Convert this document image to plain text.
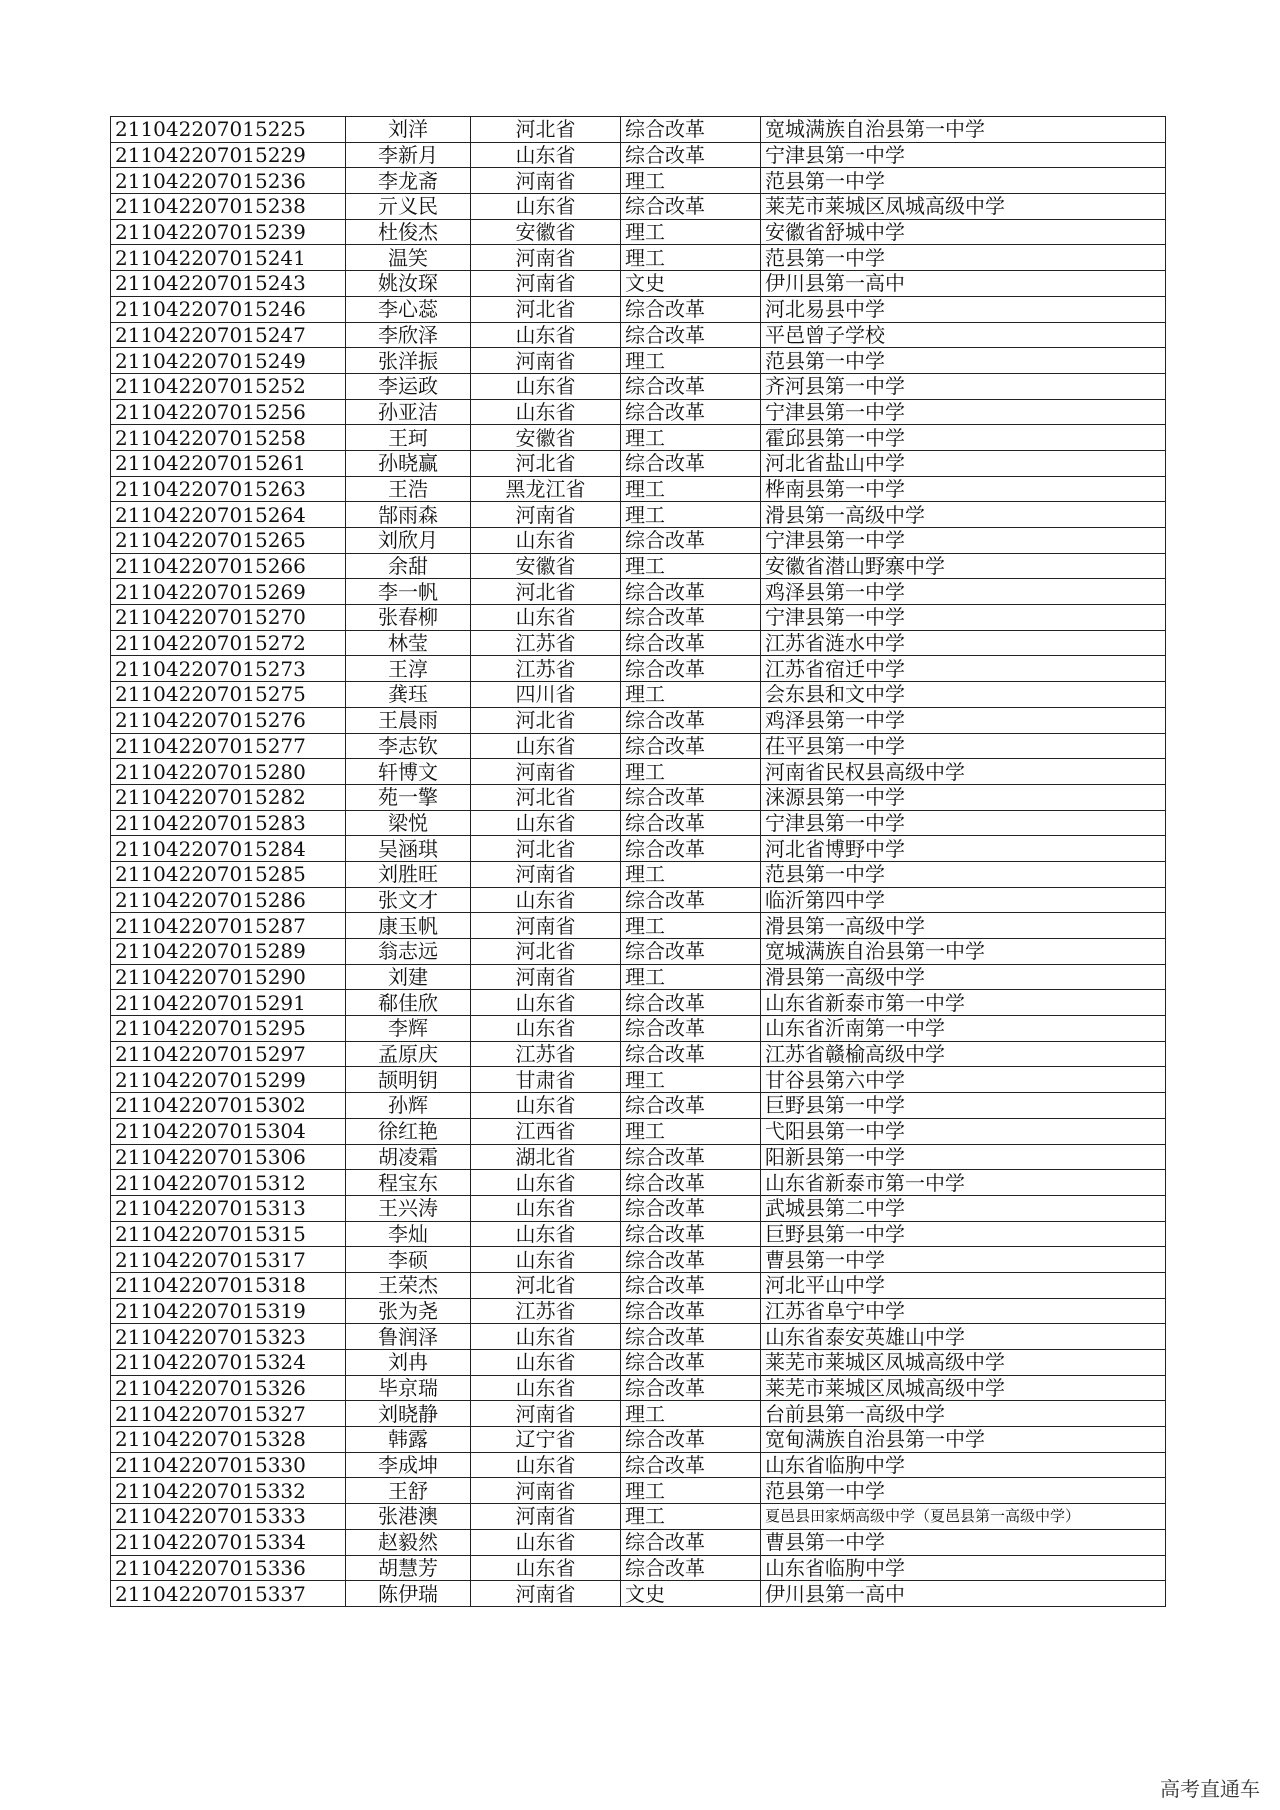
211042207015225	刘洋	河北省	综合改革	宽城满族自治县第一中学
211042207015229	李新月	山东省	综合改革	宁津县第一中学
211042207015236	李龙斋	河南省	理工	范县第一中学
211042207015238	亓义民	山东省	综合改革	莱芜市莱城区凤城高级中学
211042207015239	杜俊杰	安徽省	理工	安徽省舒城中学
211042207015241	温笑	河南省	理工	范县第一中学
211042207015243	姚汝琛	河南省	文史	伊川县第一高中
211042207015246	李心蕊	河北省	综合改革	河北易县中学
211042207015247	李欣泽	山东省	综合改革	平邑曾子学校
211042207015249	张洋振	河南省	理工	范县第一中学
211042207015252	李运政	山东省	综合改革	齐河县第一中学
211042207015256	孙亚洁	山东省	综合改革	宁津县第一中学
211042207015258	王珂	安徽省	理工	霍邱县第一中学
211042207015261	孙晓赢	河北省	综合改革	河北省盐山中学
211042207015263	王浩	黑龙江省	理工	桦南县第一中学
211042207015264	郜雨森	河南省	理工	滑县第一高级中学
211042207015265	刘欣月	山东省	综合改革	宁津县第一中学
211042207015266	余甜	安徽省	理工	安徽省潜山野寨中学
211042207015269	李一帆	河北省	综合改革	鸡泽县第一中学
211042207015270	张春柳	山东省	综合改革	宁津县第一中学
211042207015272	林莹	江苏省	综合改革	江苏省涟水中学
211042207015273	王淳	江苏省	综合改革	江苏省宿迁中学
211042207015275	龚珏	四川省	理工	会东县和文中学
211042207015276	王晨雨	河北省	综合改革	鸡泽县第一中学
211042207015277	李志钦	山东省	综合改革	茌平县第一中学
211042207015280	轩博文	河南省	理工	河南省民权县高级中学
211042207015282	苑一擎	河北省	综合改革	涞源县第一中学
211042207015283	梁悦	山东省	综合改革	宁津县第一中学
211042207015284	吴涵琪	河北省	综合改革	河北省博野中学
211042207015285	刘胜旺	河南省	理工	范县第一中学
211042207015286	张文才	山东省	综合改革	临沂第四中学
211042207015287	康玉帆	河南省	理工	滑县第一高级中学
211042207015289	翁志远	河北省	综合改革	宽城满族自治县第一中学
211042207015290	刘建	河南省	理工	滑县第一高级中学
211042207015291	郗佳欣	山东省	综合改革	山东省新泰市第一中学
211042207015295	李辉	山东省	综合改革	山东省沂南第一中学
211042207015297	孟原庆	江苏省	综合改革	江苏省赣榆高级中学
211042207015299	颉明钥	甘肃省	理工	甘谷县第六中学
211042207015302	孙辉	山东省	综合改革	巨野县第一中学
211042207015304	徐红艳	江西省	理工	弋阳县第一中学
211042207015306	胡凌霜	湖北省	综合改革	阳新县第一中学
211042207015312	程宝东	山东省	综合改革	山东省新泰市第一中学
211042207015313	王兴涛	山东省	综合改革	武城县第二中学
211042207015315	李灿	山东省	综合改革	巨野县第一中学
211042207015317	李硕	山东省	综合改革	曹县第一中学
211042207015318	王荣杰	河北省	综合改革	河北平山中学
211042207015319	张为尧	江苏省	综合改革	江苏省阜宁中学
211042207015323	鲁润泽	山东省	综合改革	山东省泰安英雄山中学
211042207015324	刘冉	山东省	综合改革	莱芜市莱城区凤城高级中学
211042207015326	毕京瑞	山东省	综合改革	莱芜市莱城区凤城高级中学
211042207015327	刘晓静	河南省	理工	台前县第一高级中学
211042207015328	韩露	辽宁省	综合改革	宽甸满族自治县第一中学
211042207015330	李成坤	山东省	综合改革	山东省临朐中学
211042207015332	王舒	河南省	理工	范县第一中学
211042207015333	张港澳	河南省	理工	夏邑县田家炳高级中学（夏邑县第一高级中学）
211042207015334	赵毅然	山东省	综合改革	曹县第一中学
211042207015336	胡慧芳	山东省	综合改革	山东省临朐中学
211042207015337	陈伊瑞	河南省	文史	伊川县第一高中
高考直通车
